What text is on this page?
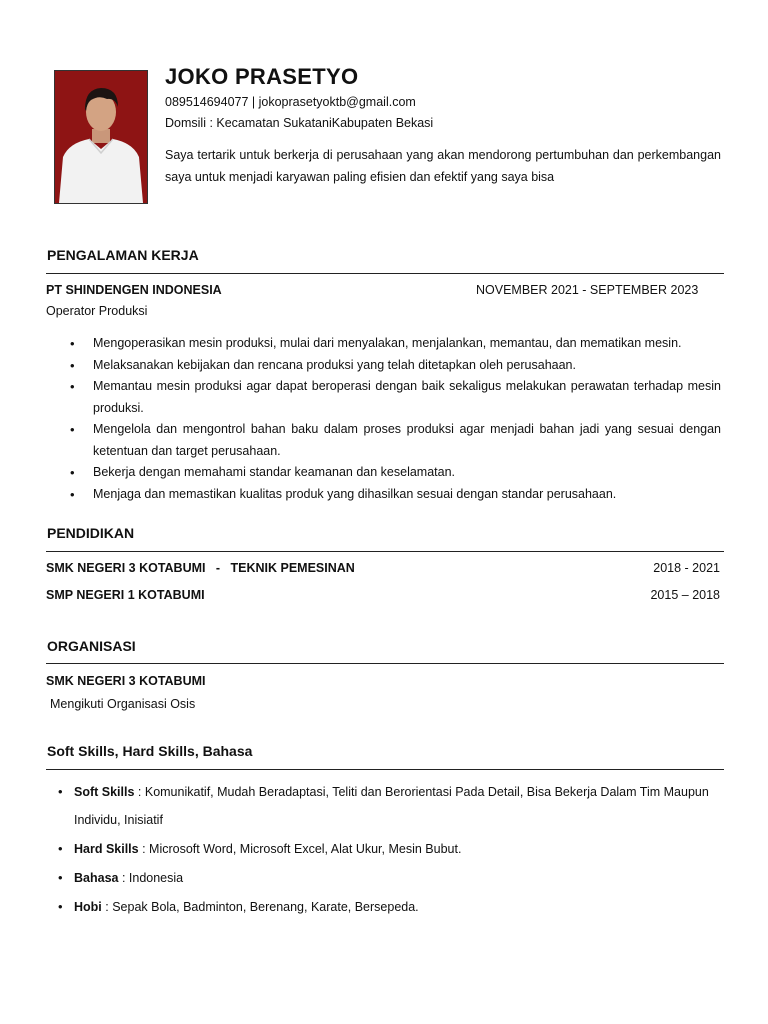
JOKO PRASETYO
089514694077 | jokoprasetyoktb@gmail.com
Domsili : Kecamatan SukataniKabupaten Bekasi
Saya tertarik untuk berkerja di perusahaan yang akan mendorong pertumbuhan dan perkembangan saya untuk menjadi karyawan paling efisien dan efektif yang saya bisa
PENGALAMAN KERJA
PT SHINDENGEN INDONESIA	NOVEMBER 2021 - SEPTEMBER 2023
Operator Produksi
• Mengoperasikan mesin produksi, mulai dari menyalakan, menjalankan, memantau, dan mematikan mesin.
• Melaksanakan kebijakan dan rencana produksi yang telah ditetapkan oleh perusahaan.
• Memantau mesin produksi agar dapat beroperasi dengan baik sekaligus melakukan perawatan terhadap mesin produksi.
• Mengelola dan mengontrol bahan baku dalam proses produksi agar menjadi bahan jadi yang sesuai dengan ketentuan dan target perusahaan.
• Bekerja dengan memahami standar keamanan dan keselamatan.
• Menjaga dan memastikan kualitas produk yang dihasilkan sesuai dengan standar perusahaan.
PENDIDIKAN
SMK NEGERI 3 KOTABUMI   -   TEKNIK PEMESINAN	2018 - 2021
SMP NEGERI 1 KOTABUMI	2015 – 2018
ORGANISASI
SMK NEGERI 3 KOTABUMI
Mengikuti Organisasi Osis
Soft Skills, Hard Skills, Bahasa
• Soft Skills : Komunikatif, Mudah Beradaptasi, Teliti dan Berorientasi Pada Detail, Bisa Bekerja Dalam Tim Maupun Individu, Inisiatif
• Hard Skills : Microsoft Word, Microsoft Excel, Alat Ukur, Mesin Bubut.
• Bahasa : Indonesia
• Hobi : Sepak Bola, Badminton, Berenang, Karate, Bersepeda.
